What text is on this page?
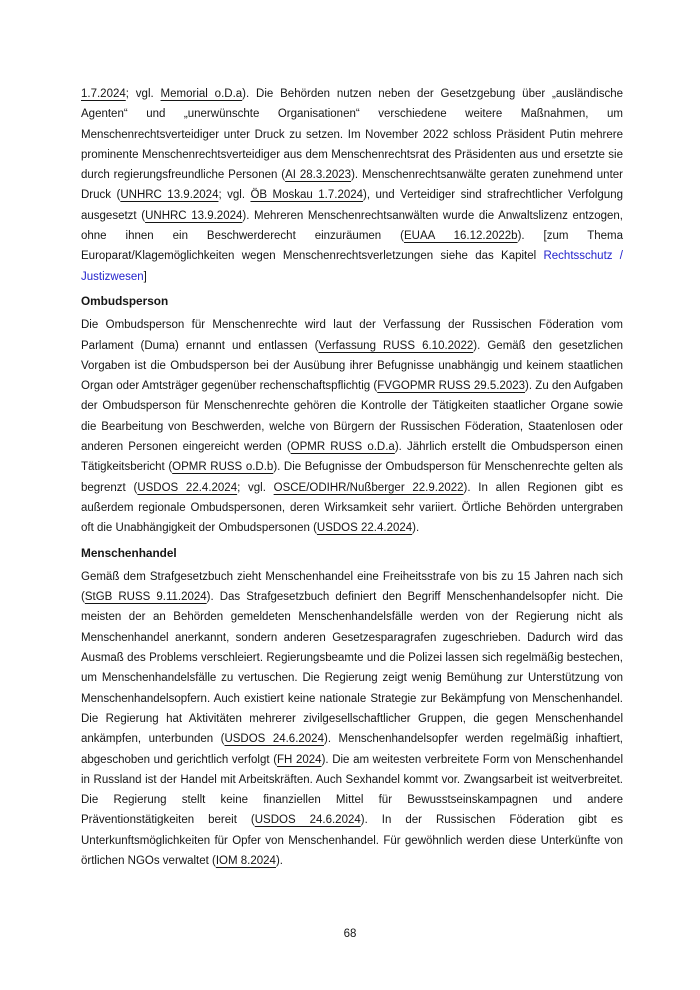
1.7.2024; vgl. Memorial o.D.a). Die Behörden nutzen neben der Gesetzgebung über „ausländische Agenten“ und „unerwünschte Organisationen“ verschiedene weitere Maßnahmen, um Menschenrechtsverteidiger unter Druck zu setzen. Im November 2022 schloss Präsident Putin mehrere prominente Menschenrechtsverteidiger aus dem Menschenrechtsrat des Präsidenten aus und ersetzte sie durch regierungsfreundliche Personen (AI 28.3.2023). Menschenrechtsanwälte geraten zunehmend unter Druck (UNHRC 13.9.2024; vgl. ÖB Moskau 1.7.2024), und Verteidiger sind strafrechtlicher Verfolgung ausgesetzt (UNHRC 13.9.2024). Mehreren Menschenrechtsanwälten wurde die Anwaltslizenz entzogen, ohne ihnen ein Beschwerderecht einzuräumen (EUAA 16.12.2022b). [zum Thema Europarat/Klagemöglichkeiten wegen Menschenrechtsverletzungen siehe das Kapitel Rechtsschutz / Justizwesen]

Ombudsperson

Die Ombudsperson für Menschenrechte wird laut der Verfassung der Russischen Föderation vom Parlament (Duma) ernannt und entlassen (Verfassung RUSS 6.10.2022). Gemäß den gesetzlichen Vorgaben ist die Ombudsperson bei der Ausübung ihrer Befugnisse unabhängig und keinem staatlichen Organ oder Amtsträger gegenüber rechenschaftspflichtig (FVGOPMR RUSS 29.5.2023). Zu den Aufgaben der Ombudsperson für Menschenrechte gehören die Kontrolle der Tätigkeiten staatlicher Organe sowie die Bearbeitung von Beschwerden, welche von Bürgern der Russischen Föderation, Staatenlosen oder anderen Personen eingereicht werden (OPMR RUSS o.D.a). Jährlich erstellt die Ombudsperson einen Tätigkeitsbericht (OPMR RUSS o.D.b). Die Befugnisse der Ombudsperson für Menschenrechte gelten als begrenzt (USDOS 22.4.2024; vgl. OSCE/ODIHR/Nußberger 22.9.2022). In allen Regionen gibt es außerdem regionale Ombudspersonen, deren Wirksamkeit sehr variiert. Örtliche Behörden untergraben oft die Unabhängigkeit der Ombudspersonen (USDOS 22.4.2024).

Menschenhandel

Gemäß dem Strafgesetzbuch zieht Menschenhandel eine Freiheitsstrafe von bis zu 15 Jahren nach sich (StGB RUSS 9.11.2024). Das Strafgesetzbuch definiert den Begriff Menschenhandelsopfer nicht. Die meisten der an Behörden gemeldeten Menschenhandelsfälle werden von der Regierung nicht als Menschenhandel anerkannt, sondern anderen Gesetzesparagrafen zugeschrieben. Dadurch wird das Ausmaß des Problems verschleiert. Regierungsbeamte und die Polizei lassen sich regelmäßig bestechen, um Menschenhandelsfälle zu vertuschen. Die Regierung zeigt wenig Bemühung zur Unterstützung von Menschenhandelsopfern. Auch existiert keine nationale Strategie zur Bekämpfung von Menschenhandel. Die Regierung hat Aktivitäten mehrerer zivilgesellschaftlicher Gruppen, die gegen Menschenhandel ankämpfen, unterbunden (USDOS 24.6.2024). Menschenhandelsopfer werden regelmäßig inhaftiert, abgeschoben und gerichtlich verfolgt (FH 2024). Die am weitesten verbreitete Form von Menschenhandel in Russland ist der Handel mit Arbeitskräften. Auch Sexhandel kommt vor. Zwangsarbeit ist weitverbreitet. Die Regierung stellt keine finanziellen Mittel für Bewusstseinskampagnen und andere Präventionstätigkeiten bereit (USDOS 24.6.2024). In der Russischen Föderation gibt es Unterkunftsmöglichkeiten für Opfer von Menschenhandel. Für gewöhnlich werden diese Unterkünfte von örtlichen NGOs verwaltet (IOM 8.2024).

68
